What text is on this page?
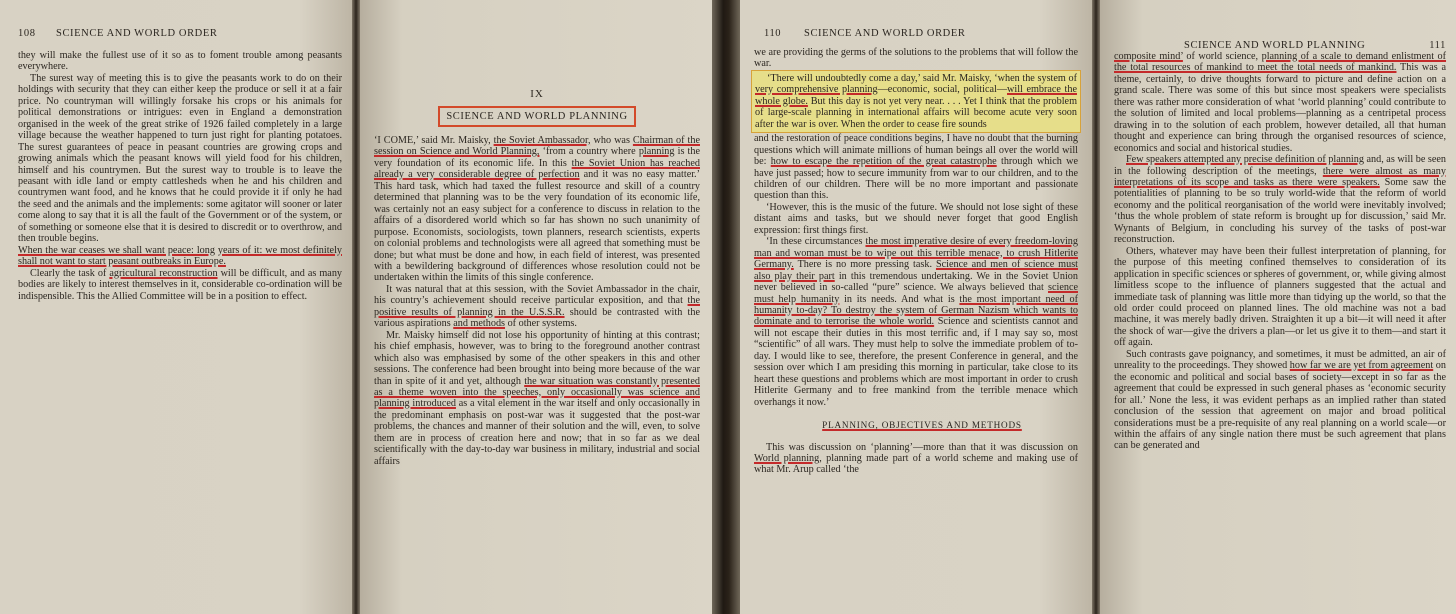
108 SCIENCE AND WORLD ORDER

they will make the fullest use of it so as to foment trouble among peasants everywhere.

The surest way of meeting this is to give the peasants work to do on their holdings with security that they can either keep the produce or sell it at a fair price. No countryman will willingly forsake his crops or his animals for political demonstrations or intrigues: even in England a demonstration organised in the week of the great strike of 1926 failed completely in a large village because the weather happened to turn just right for planting potatoes. The surest guarantees of peace in peasant countries are growing crops and growing animals which the peasant knows will yield food for his children, himself and his countrymen. But the surest way to trouble is to leave the peasant with idle land or empty cattlesheds when he and his children and countrymen want food, and he knows that he could provide it if only he had the seed and the animals and the implements: some agitator will sooner or later come along to say that it is all the fault of the Government or of the system, or of something or someone else that it is desired to discredit or to overthrow, and then trouble begins.

When the war ceases we shall want peace: long years of it: we most definitely shall not want to start peasant outbreaks in Europe.

Clearly the task of agricultural reconstruction will be difficult, and as many bodies are likely to interest themselves in it, considerable co-ordination will be indispensible. This the Allied Committee will be in a position to effect.

IX

SCIENCE AND WORLD PLANNING

‘I COME,’ said Mr. Maisky, the Soviet Ambassador, who was Chairman of the session on Science and World Planning, ‘from a country where planning is the very foundation of its economic life. In this the Soviet Union has reached already a very considerable degree of perfection and it was no easy matter.’ This hard task, which had taxed the fullest resource and skill of a country determined that planning was to be the very foundation of its economic life, was certainly not an easy subject for a conference to discuss in relation to the affairs of a disordered world which so far has shown no such unanimity of purpose. Economists, sociologists, town planners, research scientists, experts on colonial problems and technologists were all agreed that something must be done; but what must be done and how, in each field of interest, was presented with a bewildering background of differences whose resolution could not be undertaken within the limits of this single conference.

It was natural that at this session, with the Soviet Ambassador in the chair, his country’s achievement should receive particular exposition, and that the positive results of planning in the U.S.S.R. should be contrasted with the various aspirations and methods of other systems.

Mr. Maisky himself did not lose his opportunity of hinting at this contrast; his chief emphasis, however, was to bring to the foreground another contrast which also was emphasised by some of the other speakers in this and other sessions. The conference had been brought into being more because of the war than in spite of it and yet, although the war situation was constantly presented as a theme woven into the speeches, only occasionally was science and planning introduced as a vital element in the war itself and only occasionally in the predominant emphasis on post-war was it suggested that the post-war problems, the chances and manner of their solution and the will, even, to solve them are in process of creation here and now; that in so far as we deal scientifically with the day-to-day war business in military, industrial and social affairs

110 SCIENCE AND WORLD ORDER

we are providing the germs of the solutions to the problems that will follow the war.

‘There will undoubtedly come a day,’ said Mr. Maisky, ‘when the system of very comprehensive planning—economic, social, political—will embrace the whole globe. But this day is not yet very near. . . . Yet I think that the problem of large-scale planning in international affairs will become acute very soon after the war is over. When the order to cease fire sounds

and the restoration of peace conditions begins, I have no doubt that the burning questions which will animate millions of human beings all over the world will be: how to escape the repetition of the great catastrophe through which we have just passed; how to secure immunity from war to our children, and to the children of our children. There will be no more important and passionate question than this.

‘However, this is the music of the future. We should not lose sight of these distant aims and tasks, but we should never forget that good English expression: first things first.

‘In these circumstances the most imperative desire of every freedom-loving man and woman must be to wipe out this terrible menace, to crush Hitlerite Germany. There is no more pressing task. Science and men of science must also play their part in this tremendous undertaking. We in the Soviet Union never believed in so-called “pure” science. We always believed that science must help humanity in its needs. And what is the most important need of humanity to-day? To destroy the system of German Nazism which wants to dominate and to terrorise the whole world. Science and scientists cannot and will not escape their duties in this most terrific and, if I may say so, most “scientific” of all wars. They must help to solve the immediate problem of to-day. I would like to see, therefore, the present Conference in general, and the session over which I am presiding this morning in particular, take close to its heart these questions and problems which are most important in order to crush Hitlerite Germany and to free mankind from the terrible menace which overhangs it now.’

PLANNING, OBJECTIVES AND METHODS

This was discussion on ‘planning’—more than that it was discussion on World planning, planning made part of a world scheme and making use of what Mr. Arup called ‘the

SCIENCE AND WORLD PLANNING	111

composite mind’ of world science, planning of a scale to demand enlistment of the total resources of mankind to meet the total needs of mankind. This was a theme, certainly, to drive thoughts forward to picture and define action on a grand scale. There was some of this but since most speakers were specialists there was rather more consideration of what ‘world planning’ could contribute to the solution of limited and local problems—planning as a centripetal process drawing in to the solution of each problem, however detailed, all that human thought and experience can bring through the organised resources of science, economics and social and historical studies.

Few speakers attempted any precise definition of planning and, as will be seen in the following description of the meetings, there were almost as many interpretations of its scope and tasks as there were speakers. Some saw the potentialities of planning to be so truly world-wide that the reform of world economy and the political reorganisation of the world were inevitably involved; ‘thus the whole problem of state reform is brought up for discussion,’ said Mr. Wynants of Belgium, in concluding his survey of the tasks of post-war reconstruction.

Others, whatever may have been their fullest interpretation of planning, for the purpose of this meeting confined themselves to consideration of its application in specific sciences or spheres of government, or, while giving almost limitless scope to the influence of planners suggested that the actual and immediate task of planning was little more than tidying up the world, so that the old order could proceed on planned lines. The old machine was not a bad machine, it was merely badly driven. Straighten it up a bit—it will need it after the shock of war—give the drivers a plan—or let us give it to them—and start it off again.

Such contrasts gave poignancy, and sometimes, it must be admitted, an air of unreality to the proceedings. They showed how far we are yet from agreement on the economic and political and social bases of society—except in so far as the agreement that could be expressed in such general phases as ‘economic security for all.’ None the less, it was evident perhaps as an implied rather than stated conclusion of the session that agreement on major and broad political considerations must be a pre-requisite of any real planning on a world scale—or within the affairs of any single nation there must be such agreement that plans can be generated and
